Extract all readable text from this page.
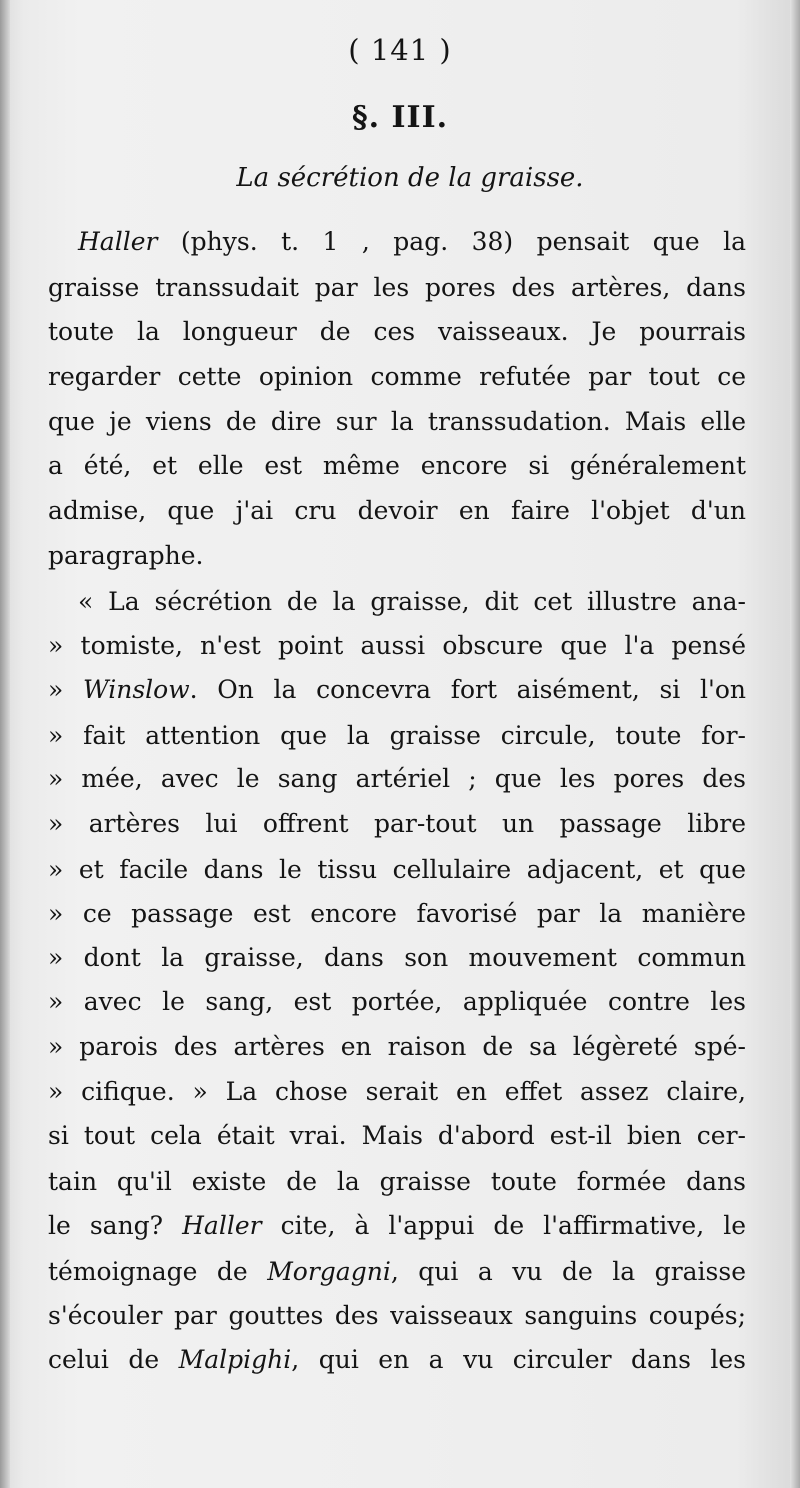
( 141 )
§. III.
La sécrétion de la graisse.
Haller (phys. t. 1 , pag. 38) pensait que la
graisse transsudait par les pores des artères, dans
toute la longueur de ces vaisseaux. Je pourrais
regarder cette opinion comme refutée par tout ce
que je viens de dire sur la transsudation. Mais elle
a été, et elle est même encore si généralement
admise, que j'ai cru devoir en faire l'objet d'un
paragraphe.
« La sécrétion de la graisse, dit cet illustre ana-
» tomiste, n'est point aussi obscure que l'a pensé
» Winslow. On la concevra fort aisément, si l'on
» fait attention que la graisse circule, toute for-
» mée, avec le sang artériel ; que les pores des
» artères lui offrent par-tout un passage libre
» et facile dans le tissu cellulaire adjacent, et que
» ce passage est encore favorisé par la manière
» dont la graisse, dans son mouvement commun
» avec le sang, est portée, appliquée contre les
» parois des artères en raison de sa légèreté spé-
» cifique. » La chose serait en effet assez claire,
si tout cela était vrai. Mais d'abord est-il bien cer-
tain qu'il existe de la graisse toute formée dans
le sang? Haller cite, à l'appui de l'affirmative, le
témoignage de Morgagni, qui a vu de la graisse
s'écouler par gouttes des vaisseaux sanguins coupés;
celui de Malpighi, qui en a vu circuler dans les
